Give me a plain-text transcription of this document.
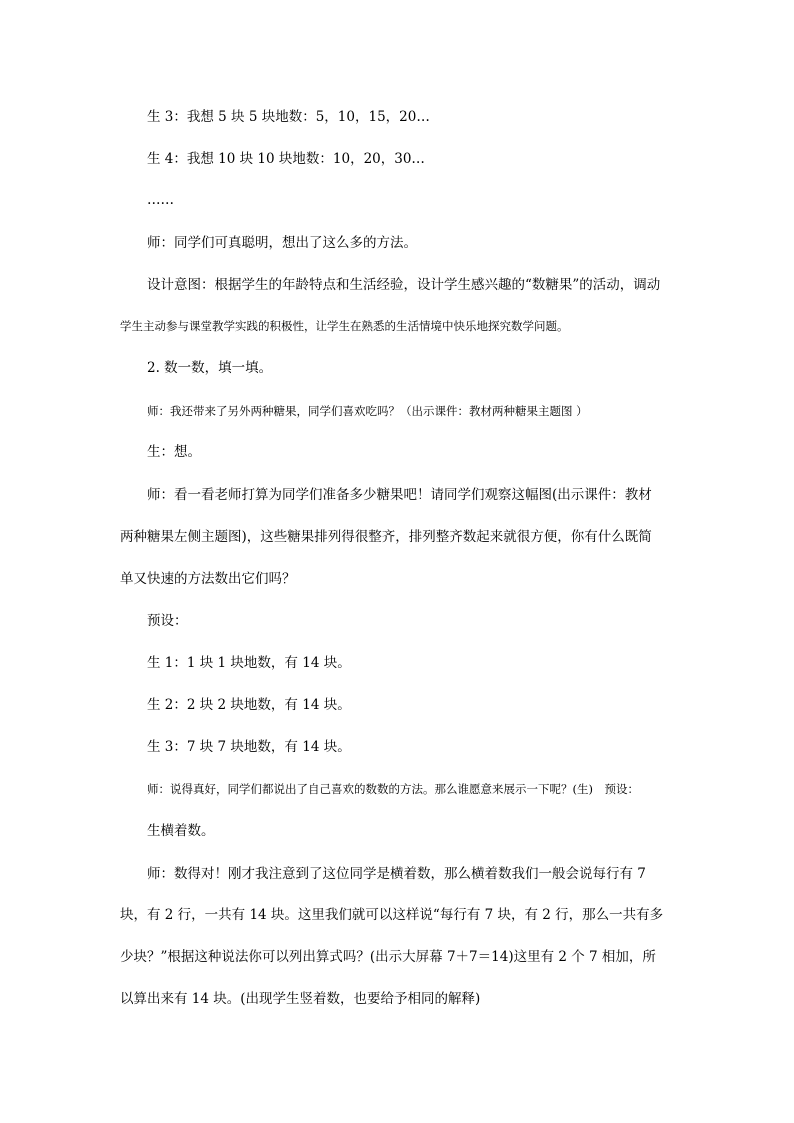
生 3：我想 5 块 5 块地数：5，10，15，20…
生 4：我想 10 块 10 块地数：10，20，30…
……
师：同学们可真聪明，想出了这么多的方法。
设计意图：根据学生的年龄特点和生活经验，设计学生感兴趣的“数糖果”的活动，调动
学生主动参与课堂教学实践的积极性，让学生在熟悉的生活情境中快乐地探究数学问题。
2. 数一数，填一填。
师：我还带来了另外两种糖果，同学们喜欢吃吗？（出示课件：教材两种糖果主题图 ）
生：想。
师：看一看老师打算为同学们准备多少糖果吧！请同学们观察这幅图(出示课件：教材
两种糖果左侧主题图)，这些糖果排列得很整齐，排列整齐数起来就很方便，你有什么既简
单又快速的方法数出它们吗？
预设：
生 1：1 块 1 块地数，有 14 块。
生 2：2 块 2 块地数，有 14 块。
生 3：7 块 7 块地数，有 14 块。
师：说得真好，同学们都说出了自己喜欢的数数的方法。那么谁愿意来展示一下呢？(生)　预设：
生横着数。
师：数得对！刚才我注意到了这位同学是横着数，那么横着数我们一般会说每行有 7
块，有 2 行，一共有 14 块。这里我们就可以这样说“每行有 7 块，有 2 行，那么一共有多
少块？”根据这种说法你可以列出算式吗？(出示大屏幕 7＋7＝14)这里有 2 个 7 相加，所
以算出来有 14 块。(出现学生竖着数，也要给予相同的解释)
